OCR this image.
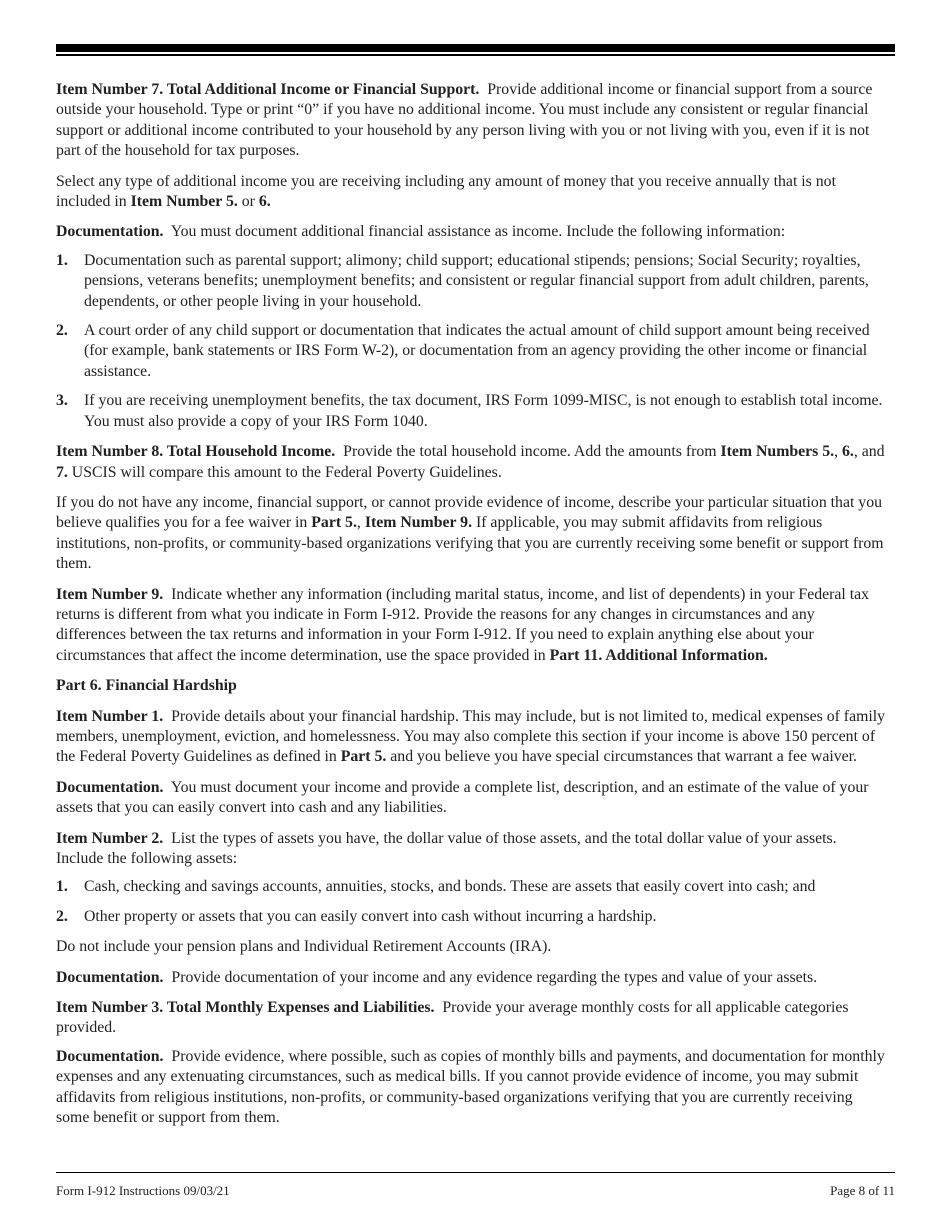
Item Number 7. Total Additional Income or Financial Support. Provide additional income or financial support from a source outside your household. Type or print “0” if you have no additional income. You must include any consistent or regular financial support or additional income contributed to your household by any person living with you or not living with you, even if it is not part of the household for tax purposes.

Select any type of additional income you are receiving including any amount of money that you receive annually that is not included in Item Number 5. or 6.

Documentation. You must document additional financial assistance as income. Include the following information:

1. Documentation such as parental support; alimony; child support; educational stipends; pensions; Social Security; royalties, pensions, veterans benefits; unemployment benefits; and consistent or regular financial support from adult children, parents, dependents, or other people living in your household.
2. A court order of any child support or documentation that indicates the actual amount of child support amount being received (for example, bank statements or IRS Form W-2), or documentation from an agency providing the other income or financial assistance.
3. If you are receiving unemployment benefits, the tax document, IRS Form 1099-MISC, is not enough to establish total income. You must also provide a copy of your IRS Form 1040.

Item Number 8. Total Household Income. Provide the total household income. Add the amounts from Item Numbers 5., 6., and 7. USCIS will compare this amount to the Federal Poverty Guidelines.

If you do not have any income, financial support, or cannot provide evidence of income, describe your particular situation that you believe qualifies you for a fee waiver in Part 5., Item Number 9. If applicable, you may submit affidavits from religious institutions, non-profits, or community-based organizations verifying that you are currently receiving some benefit or support from them.

Item Number 9. Indicate whether any information (including marital status, income, and list of dependents) in your Federal tax returns is different from what you indicate in Form I-912. Provide the reasons for any changes in circumstances and any differences between the tax returns and information in your Form I-912. If you need to explain anything else about your circumstances that affect the income determination, use the space provided in Part 11. Additional Information.

Part 6. Financial Hardship

Item Number 1. Provide details about your financial hardship. This may include, but is not limited to, medical expenses of family members, unemployment, eviction, and homelessness. You may also complete this section if your income is above 150 percent of the Federal Poverty Guidelines as defined in Part 5. and you believe you have special circumstances that warrant a fee waiver.

Documentation. You must document your income and provide a complete list, description, and an estimate of the value of your assets that you can easily convert into cash and any liabilities.

Item Number 2. List the types of assets you have, the dollar value of those assets, and the total dollar value of your assets. Include the following assets:

1. Cash, checking and savings accounts, annuities, stocks, and bonds. These are assets that easily covert into cash; and
2. Other property or assets that you can easily convert into cash without incurring a hardship.

Do not include your pension plans and Individual Retirement Accounts (IRA).

Documentation. Provide documentation of your income and any evidence regarding the types and value of your assets.

Item Number 3. Total Monthly Expenses and Liabilities. Provide your average monthly costs for all applicable categories provided.

Documentation. Provide evidence, where possible, such as copies of monthly bills and payments, and documentation for monthly expenses and any extenuating circumstances, such as medical bills. If you cannot provide evidence of income, you may submit affidavits from religious institutions, non-profits, or community-based organizations verifying that you are currently receiving some benefit or support from them.

Form I-912 Instructions 09/03/21	Page 8 of 11
